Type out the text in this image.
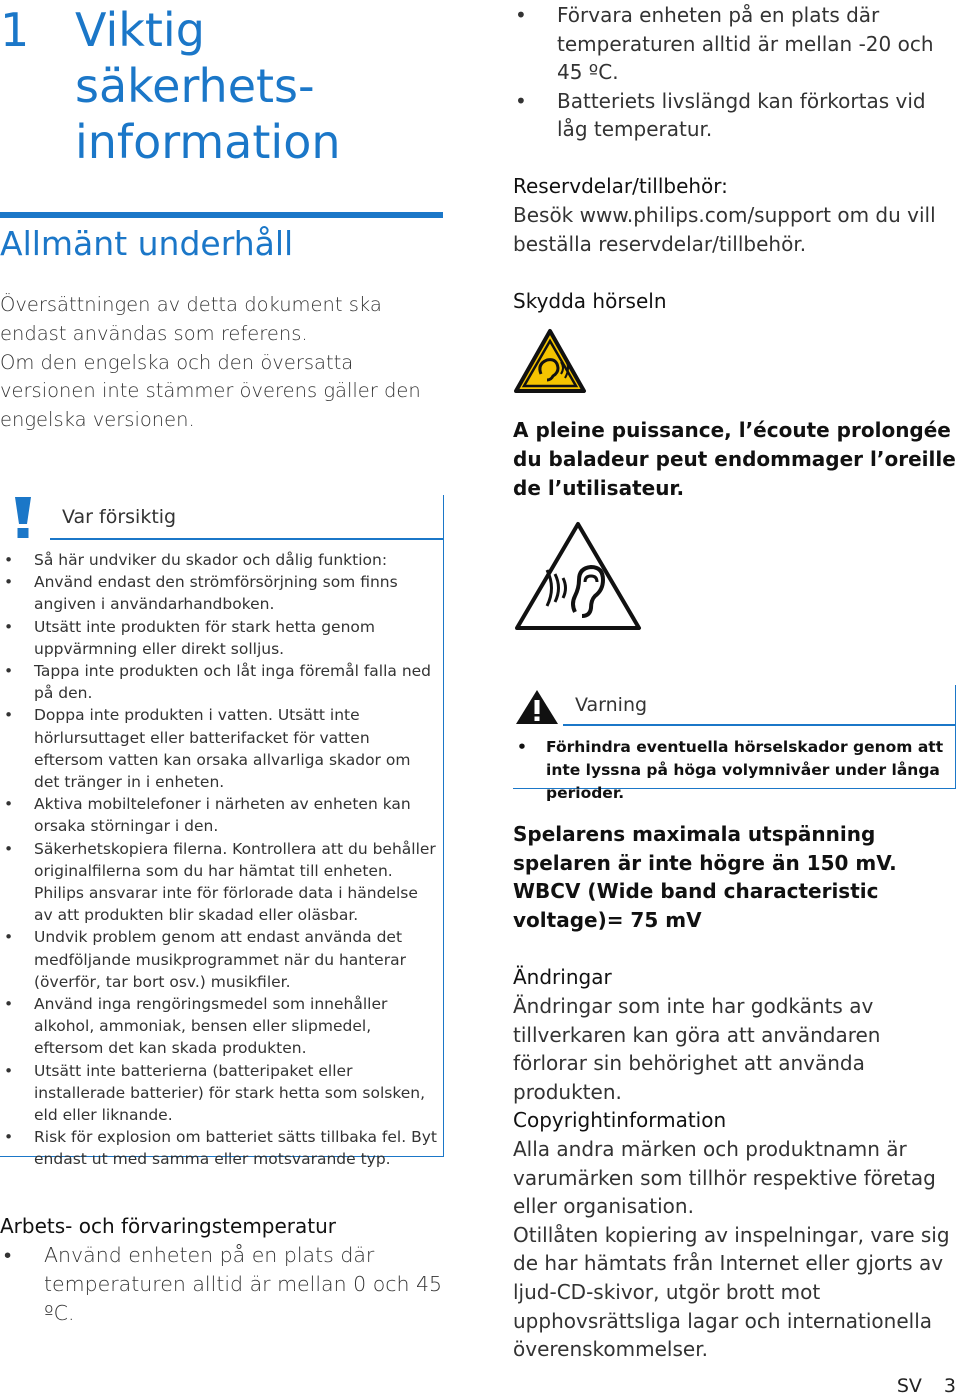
1 Viktig säkerhets-
information
Allmänt underhåll

Översättningen av detta dokument ska endast användas som referens.

Om den engelska och den översatta versionen inte stämmer överens gäller den engelska versionen.

Var försiktig
• Så här undviker du skador och dålig funktion:
• Använd endast den strömförsörjning som finns angiven i användarhandboken.
• Utsätt inte produkten för stark hetta genom uppvärmning eller direkt solljus.
• Tappa inte produkten och låt inga föremål falla ned på den.
• Doppa inte produkten i vatten. Utsätt inte hörlursuttaget eller batterifacket för vatten eftersom vatten kan orsaka allvarliga skador om det tränger in i enheten.
• Aktiva mobiltelefoner i närheten av enheten kan orsaka störningar i den.
• Säkerhetskopiera filerna. Kontrollera att du behåller originalfilerna som du har hämtat till enheten. Philips ansvarar inte för förlorade data i händelse av att produkten blir skadad eller oläsbar.
• Undvik problem genom att endast använda det medföljande musikprogrammet när du hanterar (överför, tar bort osv.) musikfiler.
• Använd inga rengöringsmedel som innehåller alkohol, ammoniak, bensen eller slipmedel, eftersom det kan skada produkten.
• Utsätt inte batterierna (batteripaket eller installerade batterier) för stark hetta som solsken, eld eller liknande.
• Risk för explosion om batteriet sätts tillbaka fel. Byt endast ut med samma eller motsvarande typ.
Arbets- och förvaringstemperatur
• Använd enheten på en plats där temperaturen alltid är mellan 0 och 45 ºC.
• Förvara enheten på en plats där temperaturen alltid är mellan -20 och 45 ºC.
• Batteriets livslängd kan förkortas vid låg temperatur.
Reservdelar/tillbehör:
Besök www.philips.com/support om du vill beställa reservdelar/tillbehör.
Skydda hörseln
A pleine puissance, l’écoute prolongée du baladeur peut endommager l’oreille de l’utilisateur.
Varning
• Förhindra eventuella hörselskador genom att inte lyssna på höga volymnivåer under långa perioder.
Spelarens maximala utspänning spelaren är inte högre än 150 mV.
WBCV (Wide band characteristic voltage)= 75 mV
Ändringar
Ändringar som inte har godkänts av tillverkaren kan göra att användaren förlorar sin behörighet att använda produkten.
Copyrightinformation

Alla andra märken och produktnamn är varumärken som tillhör respektive företag eller organisation.

Otillåten kopiering av inspelningar, vare sig de har hämtats från Internet eller gjorts av ljud-CD-skivor, utgör brott mot upphovsrättsliga lagar och internationella överenskommelser.

SV 3
